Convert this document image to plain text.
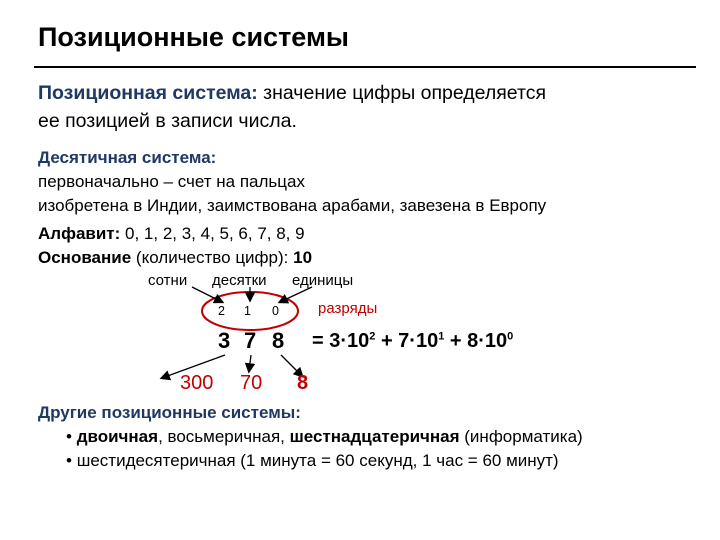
Позиционные системы
Позиционная система: значение цифры определяется
ее позицией в записи числа.
Десятичная система:
первоначально – счет на пальцах
изобретена в Индии, заимствована арабами, завезена в Европу
Алфавит: 0, 1, 2, 3, 4, 5, 6, 7, 8, 9
Основание (количество цифр): 10
сотни десятки единицы
2 1 0	разряды
3 7 $8 = 3\cdot 10^2 + 7\cdot 10^1 + 8\cdot 10^0$
300 70 8
Другие позиционные системы:
• двоичная, восьмеричная, шестнадцатеричная (информатика)
• шестидесятеричная (1 минута = 60 секунд, 1 час = 60 минут)
